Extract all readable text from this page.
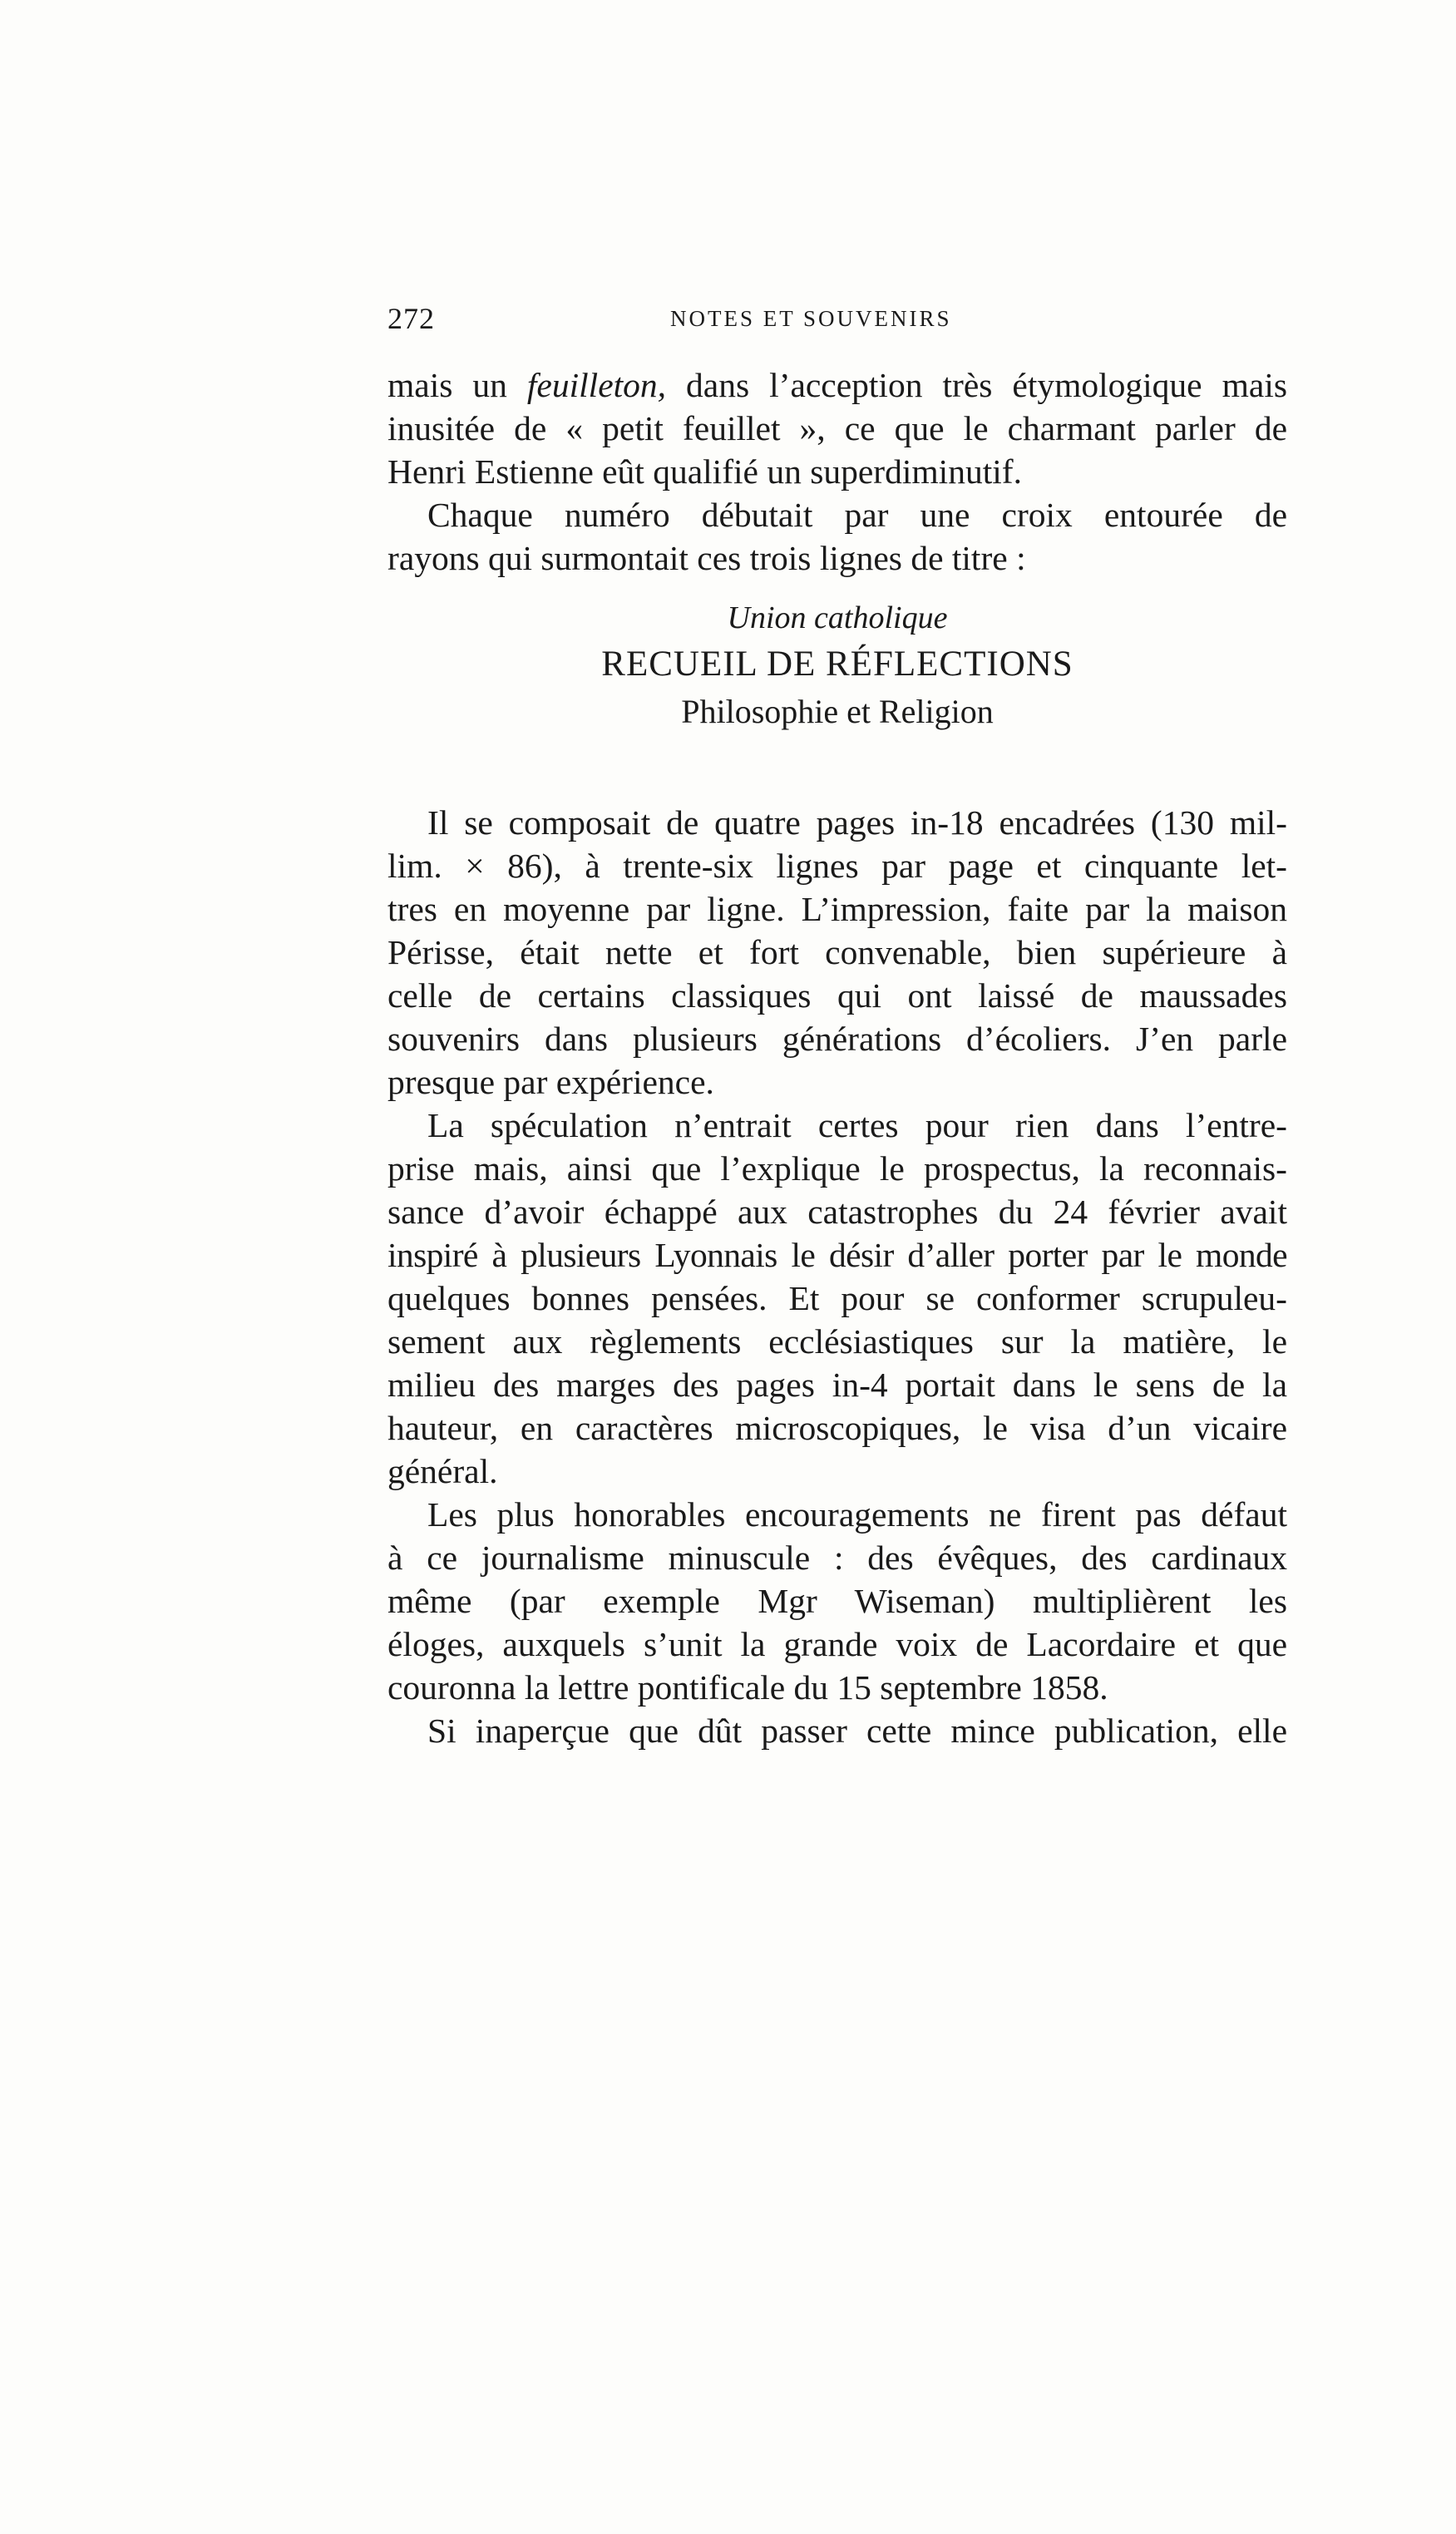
272	NOTES ET SOUVENIRS

mais un feuilleton, dans l’acception très étymologique mais
inusitée de « petit feuillet », ce que le charmant parler de
Henri Estienne eût qualifié un superdiminutif.

Chaque numéro débutait par une croix entourée de
rayons qui surmontait ces trois lignes de titre :

Union catholique
RECUEIL DE RÉFLECTIONS
Philosophie et Religion

Il se composait de quatre pages in-18 encadrées (130 mil-
lim. × 86), à trente-six lignes par page et cinquante let-
tres en moyenne par ligne. L’impression, faite par la maison
Périsse, était nette et fort convenable, bien supérieure à
celle de certains classiques qui ont laissé de maussades
souvenirs dans plusieurs générations d’écoliers. J’en parle
presque par expérience.

La spéculation n’entrait certes pour rien dans l’entre-
prise mais, ainsi que l’explique le prospectus, la reconnais-
sance d’avoir échappé aux catastrophes du 24 février avait
inspiré à plusieurs Lyonnais le désir d’aller porter par le monde
quelques bonnes pensées. Et pour se conformer scrupuleu-
sement aux règlements ecclésiastiques sur la matière, le
milieu des marges des pages in-4 portait dans le sens de la
hauteur, en caractères microscopiques, le visa d’un vicaire
général.

Les plus honorables encouragements ne firent pas défaut
à ce journalisme minuscule : des évêques, des cardinaux
même (par exemple Mgr Wiseman) multiplièrent les
éloges, auxquels s’unit la grande voix de Lacordaire et que
couronna la lettre pontificale du 15 septembre 1858.

Si inaperçue que dût passer cette mince publication, elle
